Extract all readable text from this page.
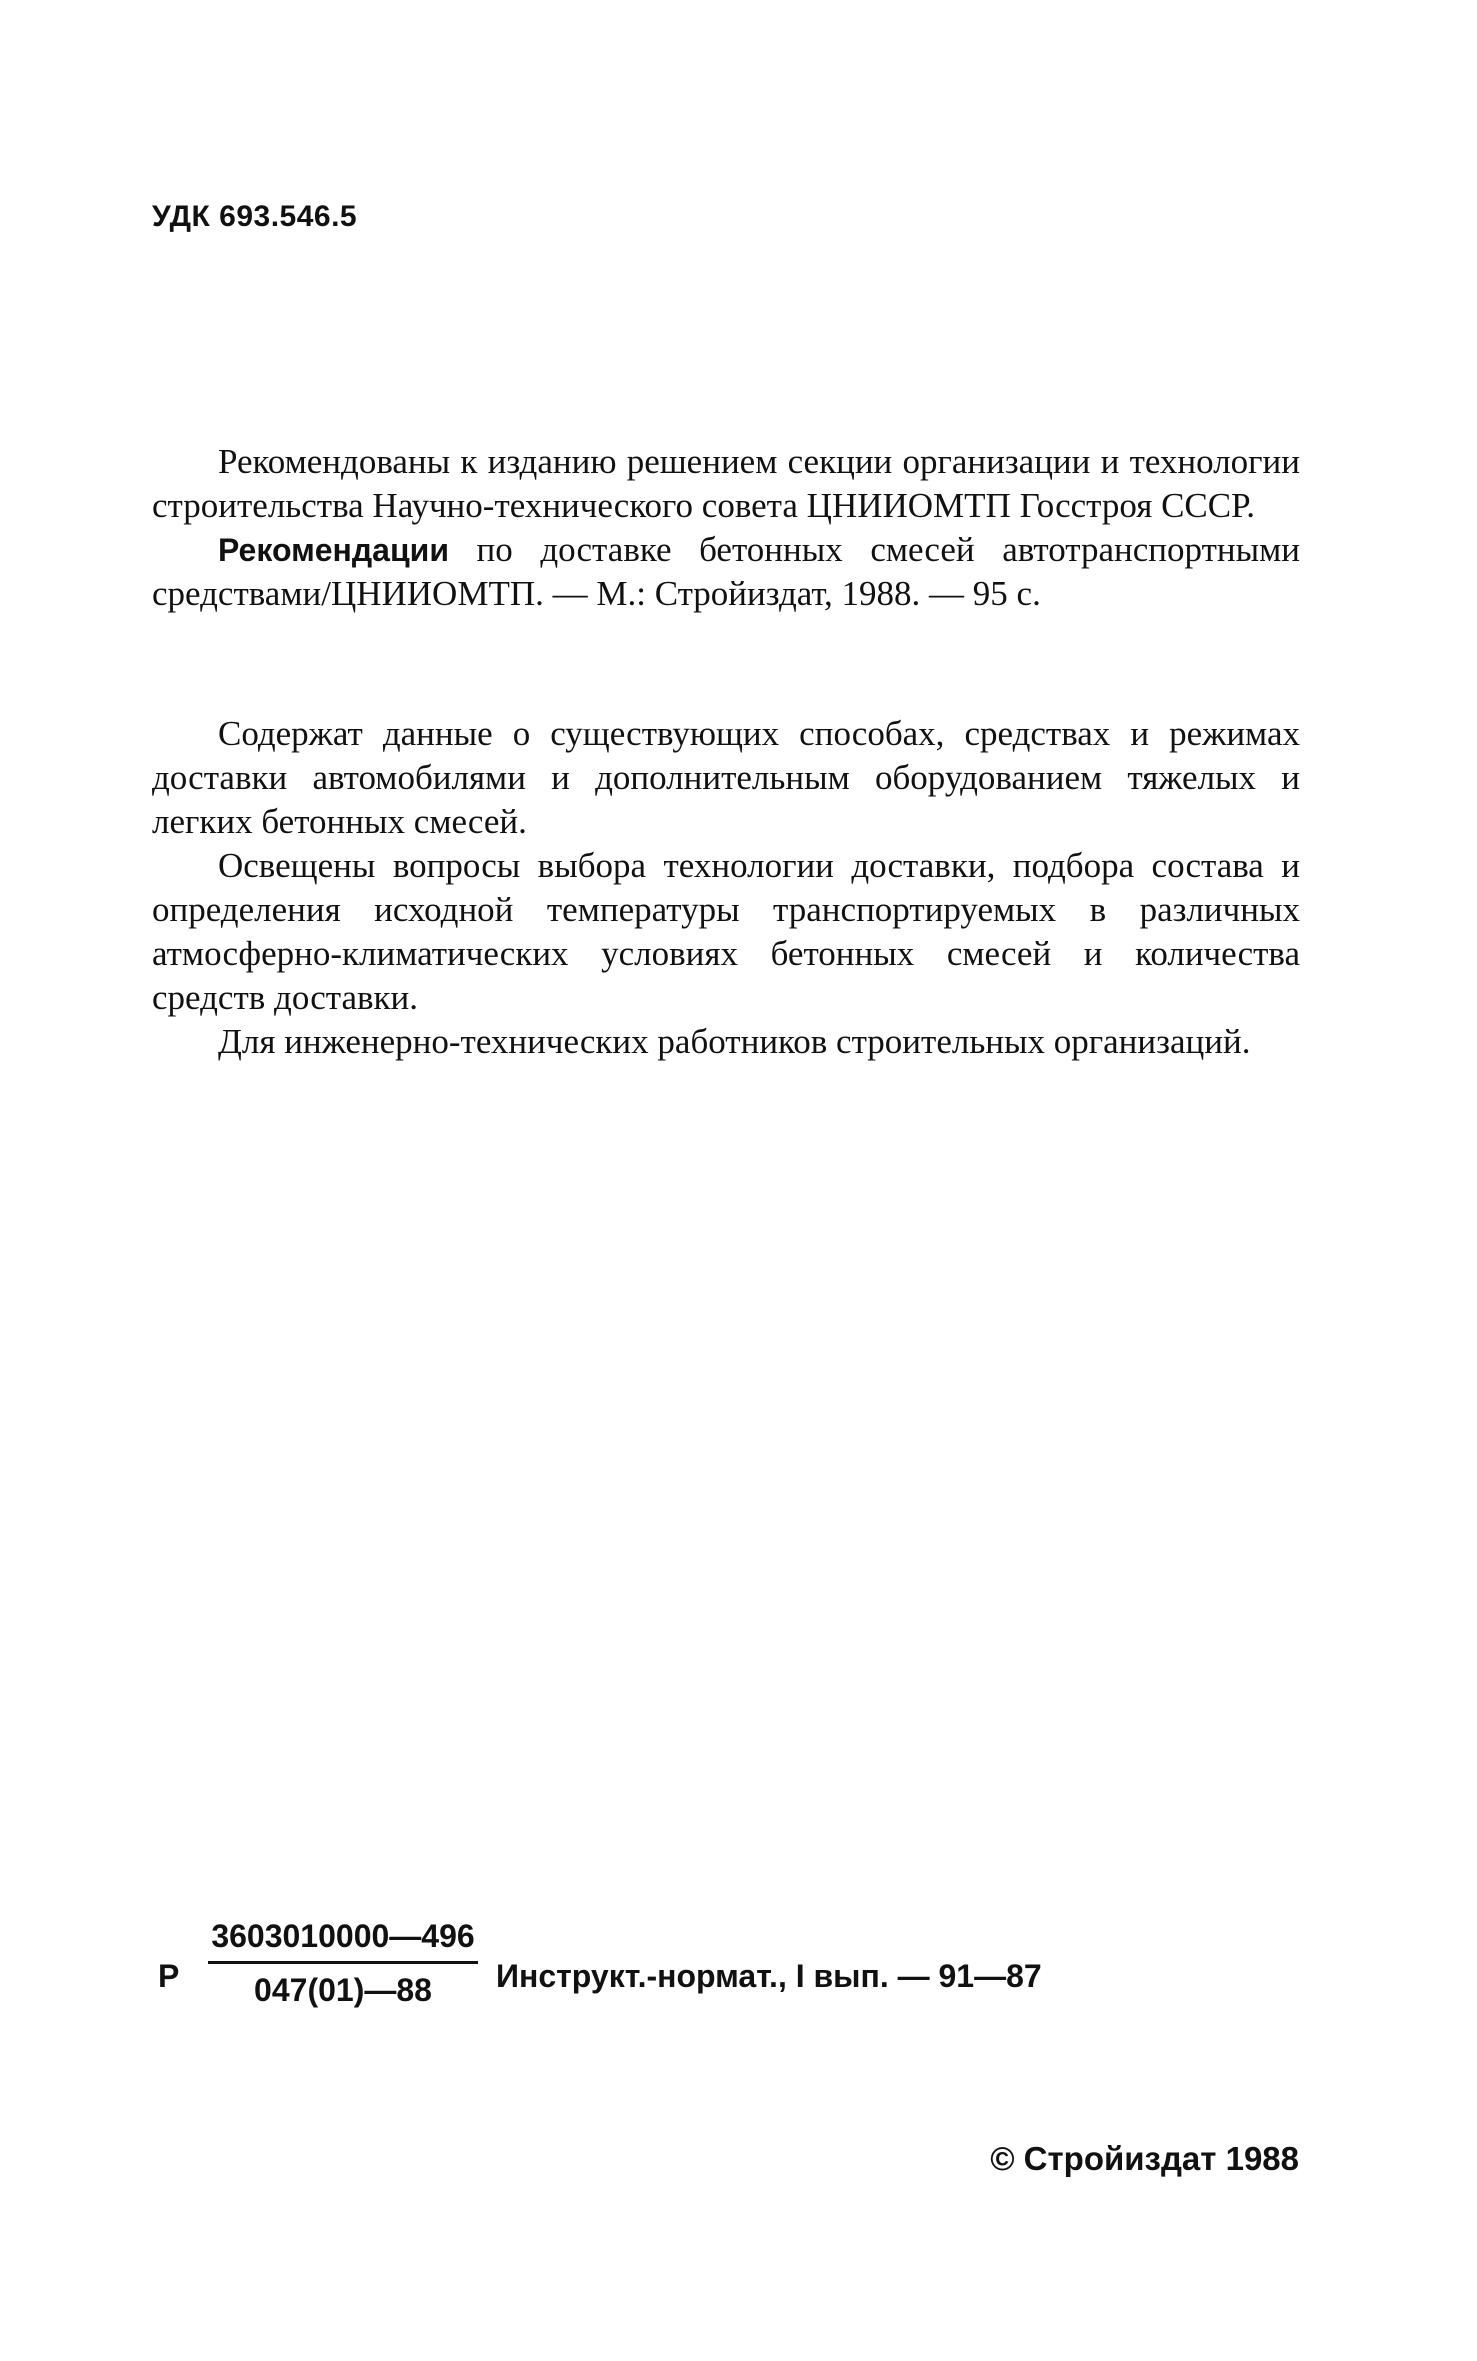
УДК 693.546.5

Рекомендованы к изданию решением секции организации и технологии строительства Научно-технического совета ЦНИИОМТП Госстроя СССР.

Рекомендации по доставке бетонных смесей автотранспортными средствами/ЦНИИОМТП. — М.: Стройиздат, 1988. — 95 с.

Содержат данные о существующих способах, средствах и режимах доставки автомобилями и дополнительным оборудованием тяжелых и легких бетонных смесей.

Освещены вопросы выбора технологии доставки, подбора состава и определения исходной температуры транспортируемых в различных атмосферно-климатических условиях бетонных смесей и количества средств доставки.

Для инженерно-технических работников строительных организаций.

Р
3603010000—496
047(01)—88	Инструкт.-нормат., I вып. — 91—87
© Стройиздат 1988
